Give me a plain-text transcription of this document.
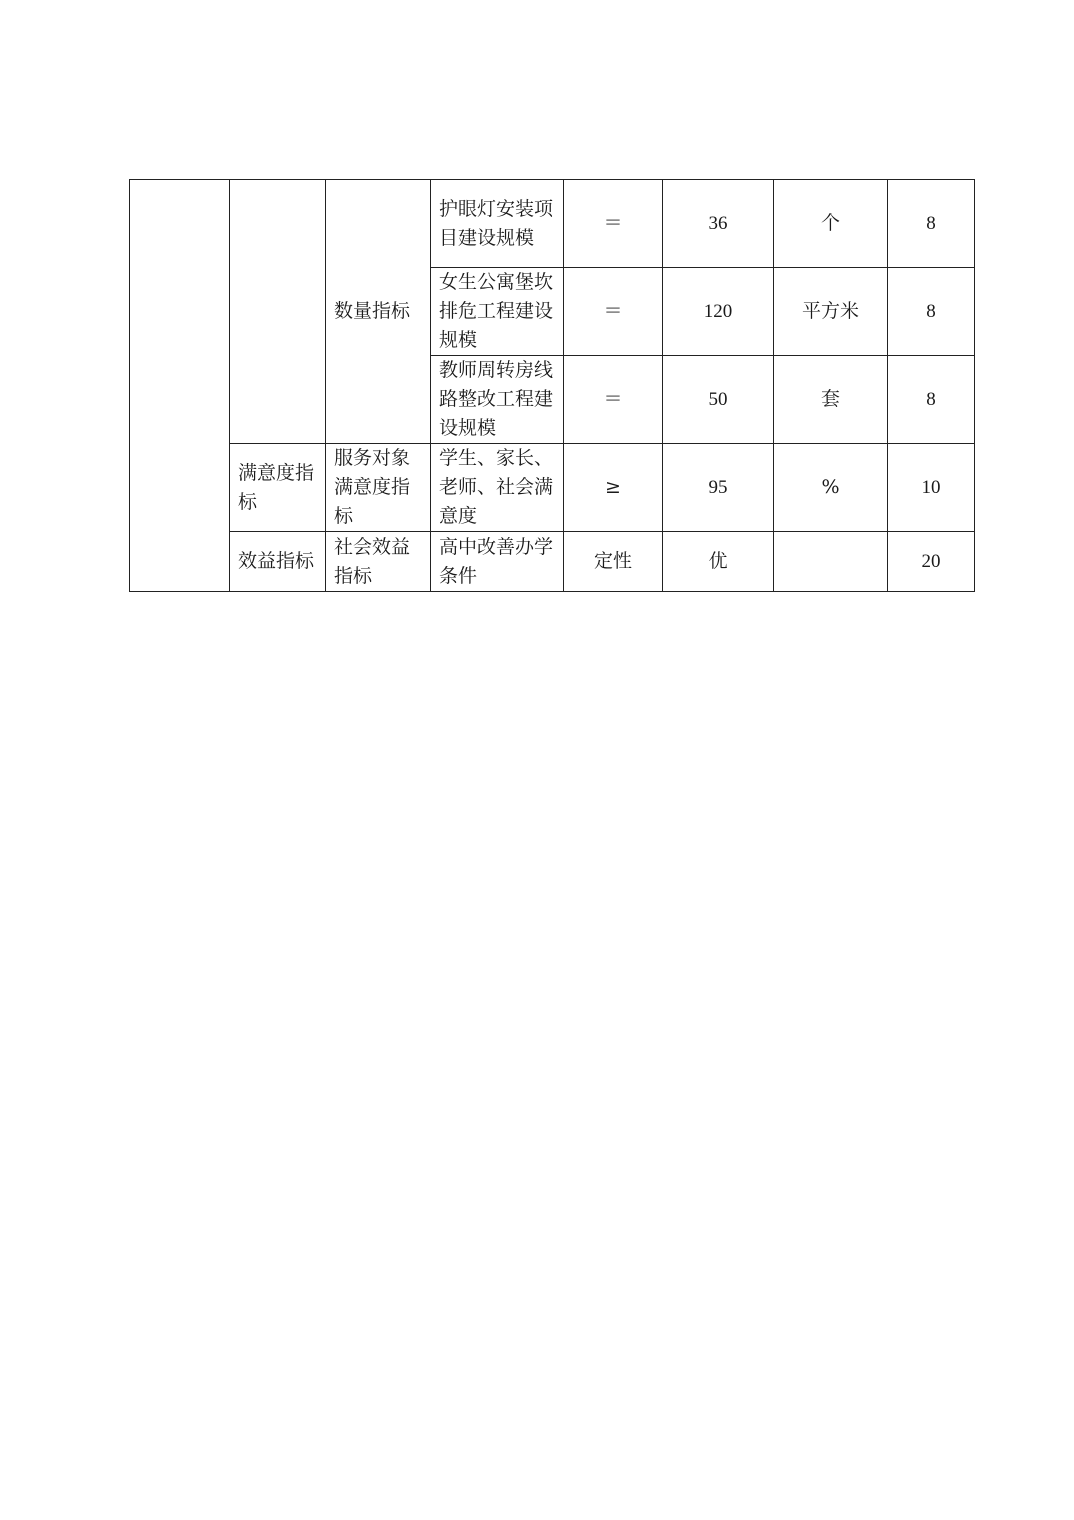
		数量指标	护眼灯安装项目建设规模	＝	36	个	8
			女生公寓堡坎排危工程建设规模	＝	120	平方米	8
			教师周转房线路整改工程建设规模	＝	50	套	8
	满意度指标	服务对象满意度指标	学生、家长、老师、社会满意度	≥	95	%	10
	效益指标	社会效益指标	高中改善办学条件	定性	优		20
